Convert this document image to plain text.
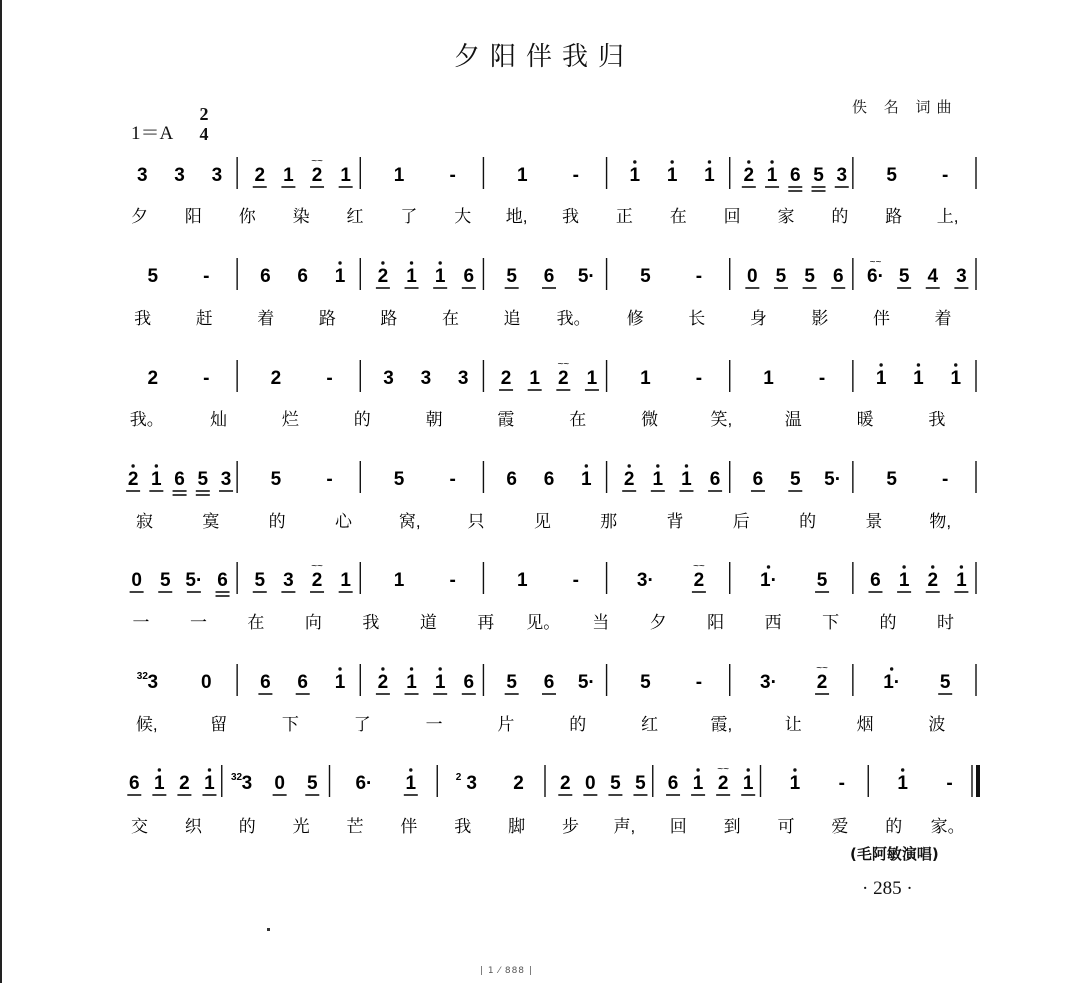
夕阳伴我归
佚 名 词曲
1＝A
2
4
3 3 3 2 1 2
~~
1 1 -	1 -	1 1 1 2 1 6 5 3 5 -
夕 阳 你 染 红 了 大 地, 我 正 在 回 家 的 路 上,
5 -	6 6 1 2 1 1 6 5 6 5· 5 - 0 5 5 6 6·
~~
5 4 3
我	赶	着	路	路	在	追 我。 修	长	身	影	伴	着
2 -	2 -	3 3 3 2 1 2
~~
1 1 -	1 -	1 1 1
我。	灿	烂	的	朝	霞	在	微	笑,	温	暖	我
2 1 6 5 3 5 -	5 -	6 6 1 2 1 1 6 6 5 5· 5 -
寂	寞	的	心	窝,	只	见	那	背	后	的	景	物,
0 5 5· 6 5 3 2
~~
1 1 -	1 -	3· 2
~~
1· 5 6 1 2 1
一 一 在 向 我 道 再 见。 当 夕 阳 西 下 的 时
32 3 0	6 6 1 2 1 1 6 5 6 5· 5 -	3· 2
~~
1· 5
候,	留	下	了	一	片	的	红	霞,	让	烟	波
6 1 2 1 32 3 0 5 6· 1	2 3 2 2 0 5 5 6 1 2
~~
1 1 -	1 -
交 织 的 光 芒 伴 我 脚 步 声, 回 到 可 爱 的 家。
(毛阿敏演唱)
· 285 ·
| 1 ⁄ 888 |
